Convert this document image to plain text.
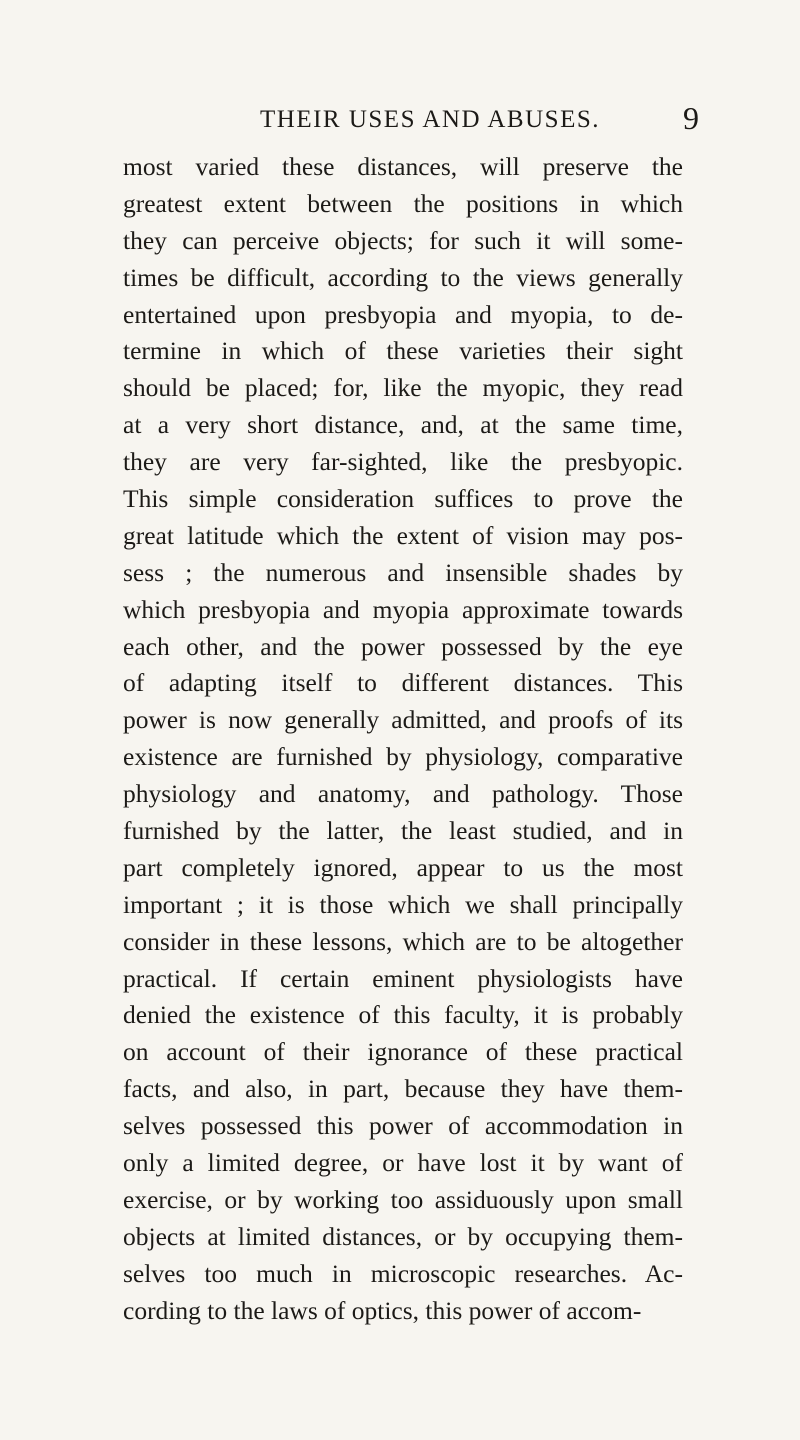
THEIR USES AND ABUSES.	9
most varied these distances, will preserve the
greatest extent between the positions in which
they can perceive objects; for such it will some-
times be difficult, according to the views generally
entertained upon presbyopia and myopia, to de-
termine in which of these varieties their sight
should be placed; for, like the myopic, they read
at a very short distance, and, at the same time,
they are very far-sighted, like the presbyopic.
This simple consideration suffices to prove the
great latitude which the extent of vision may pos-
sess ; the numerous and insensible shades by
which presbyopia and myopia approximate towards
each other, and the power possessed by the eye
of adapting itself to different distances. This
power is now generally admitted, and proofs of its
existence are furnished by physiology, comparative
physiology and anatomy, and pathology. Those
furnished by the latter, the least studied, and in
part completely ignored, appear to us the most
important ; it is those which we shall principally
consider in these lessons, which are to be altogether
practical. If certain eminent physiologists have
denied the existence of this faculty, it is probably
on account of their ignorance of these practical
facts, and also, in part, because they have them-
selves possessed this power of accommodation in
only a limited degree, or have lost it by want of
exercise, or by working too assiduously upon small
objects at limited distances, or by occupying them-
selves too much in microscopic researches. Ac-
cording to the laws of optics, this power of accom-
